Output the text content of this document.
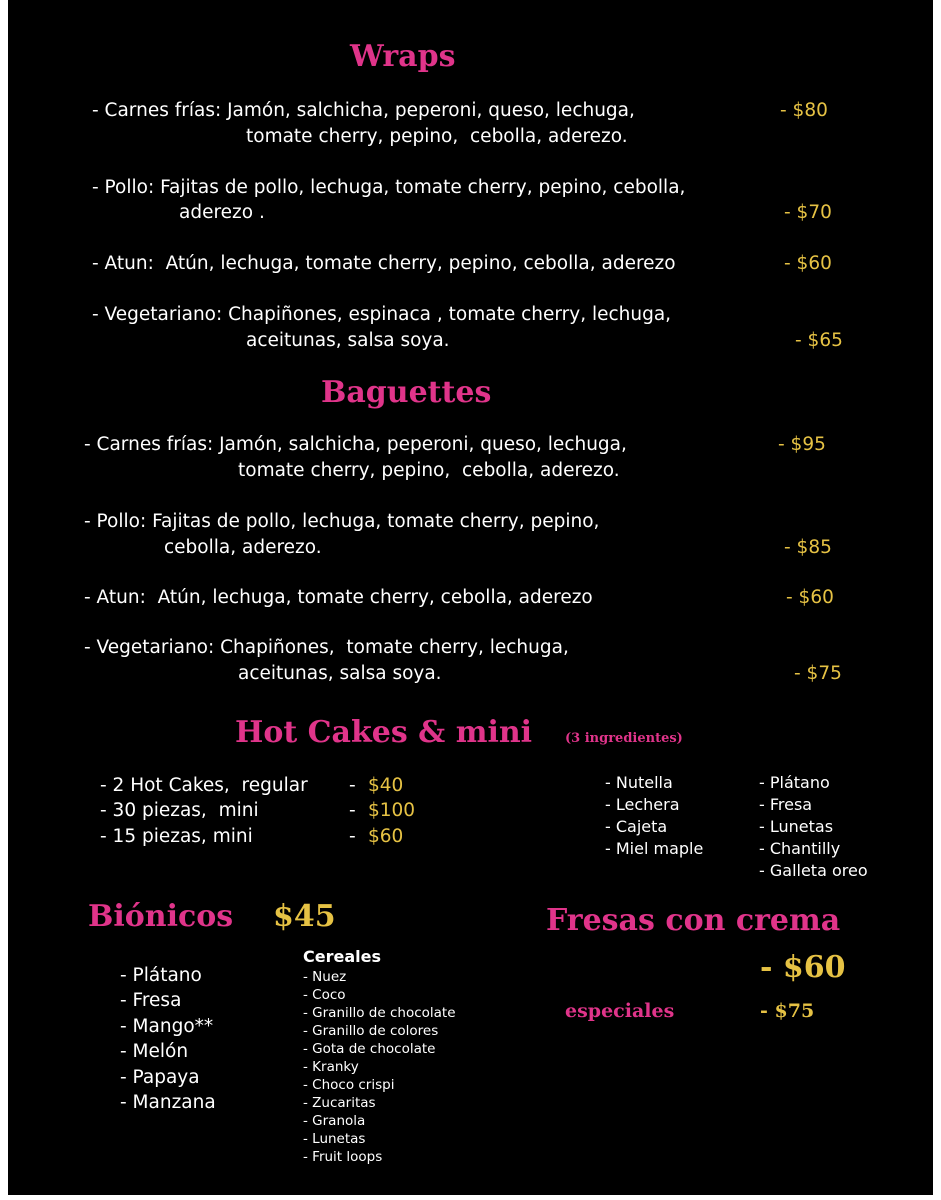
Wraps
- Carnes frías: Jamón, salchicha, peperoni, queso, lechuga,
tomate cherry, pepino,  cebolla, aderezo.
- $80
- Pollo: Fajitas de pollo, lechuga, tomate cherry, pepino, cebolla,
aderezo .	- $70
- Atun:  Atún, lechuga, tomate cherry, pepino, cebolla, aderezo	- $60
- Vegetariano: Chapiñones, espinaca , tomate cherry, lechuga,
aceitunas, salsa soya.	- $65
Baguettes
- Carnes frías: Jamón, salchicha, peperoni, queso, lechuga,
tomate cherry, pepino,  cebolla, aderezo.
- $95
- Pollo: Fajitas de pollo, lechuga, tomate cherry, pepino,
cebolla, aderezo.	- $85
- Atun:  Atún, lechuga, tomate cherry, cebolla, aderezo	- $60
- Vegetariano: Chapiñones,  tomate cherry, lechuga,
aceitunas, salsa soya.	- $75
Hot Cakes & mini	(3 ingredientes)
- 2 Hot Cakes,  regular - $40
- 30 piezas,  mini	- $100
- 15 piezas, mini	- $60
- Nutella
- Lechera
- Cajeta
- Miel maple
- Plátano
- Fresa
- Lunetas
- Chantilly
- Galleta oreo
Biónicos $45
- Plátano
- Fresa
- Mango**
- Melón
- Papaya
- Manzana
Cereales
- Nuez
- Coco
- Granillo de chocolate
- Granillo de colores
- Gota de chocolate
- Kranky
- Choco crispi
- Zucaritas
- Granola
- Lunetas
- Fruit loops
Fresas con crema
- $60
especiales	- $75
